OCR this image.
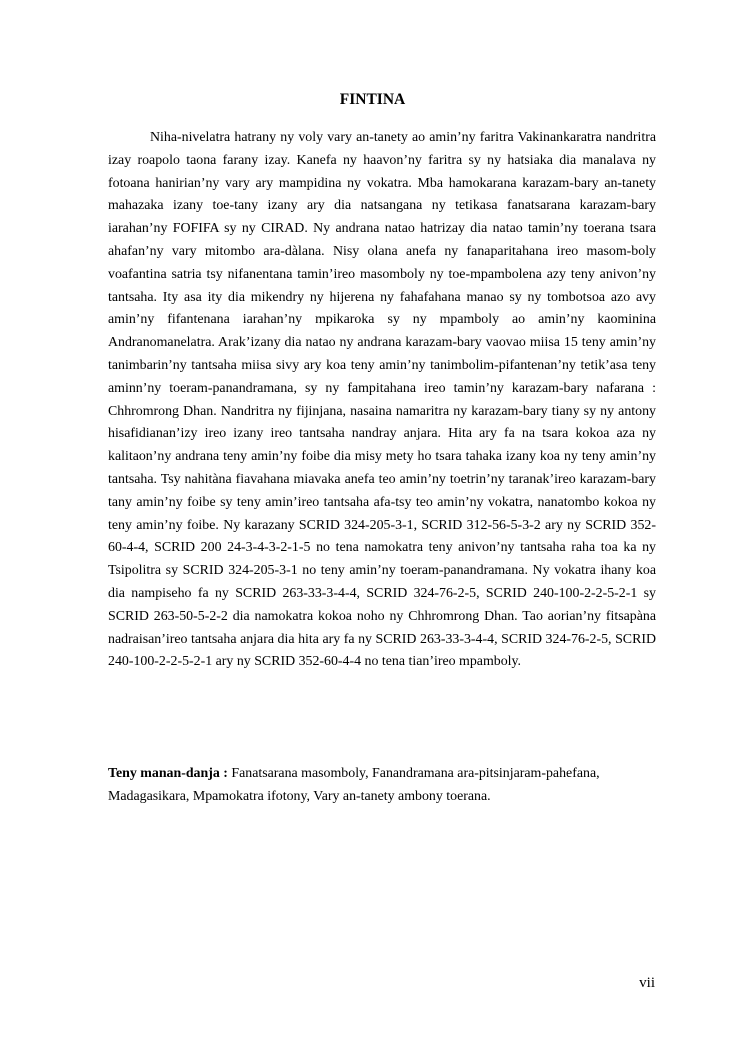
FINTINA

Niha-nivelatra hatrany ny voly vary an-tanety ao amin’ny faritra Vakinankaratra nandritra izay roapolo taona farany izay. Kanefa ny haavon’ny faritra sy ny hatsiaka dia manalava ny fotoana hanirian’ny vary ary mampidina ny vokatra. Mba hamokarana karazam-bary an-tanety mahazaka izany toe-tany izany ary dia natsangana ny tetikasa fanatsarana karazam-bary iarahan’ny FOFIFA sy ny CIRAD. Ny andrana natao hatrizay dia natao tamin’ny toerana tsara ahafan’ny vary mitombo ara-dàlana. Nisy olana anefa ny fanaparitahana ireo masom-boly voafantina satria tsy nifanentana tamin’ireo masomboly ny toe-mpambolena azy teny anivon’ny tantsaha. Ity asa ity dia mikendry ny hijerena ny fahafahana manao sy ny tombotsoa azo avy amin’ny fifantenana iarahan’ny mpikaroka sy ny mpamboly ao amin’ny kaominina Andranomanelatra. Arak’izany dia natao ny andrana karazam-bary vaovao miisa 15 teny amin’ny tanimbarin’ny tantsaha miisa sivy ary koa teny amin’ny tanimbolim-pifantenan’ny tetik’asa teny aminn’ny toeram-panandramana, sy ny fampitahana ireo tamin’ny karazam-bary nafarana : Chhromrong Dhan. Nandritra ny fijinjana, nasaina namaritra ny karazam-bary tiany sy ny antony hisafidianan’izy ireo izany ireo tantsaha nandray anjara. Hita ary fa na tsara kokoa aza ny kalitaon’ny andrana teny amin’ny foibe dia misy mety ho tsara tahaka izany koa ny teny amin’ny tantsaha. Tsy nahitàna fiavahana miavaka anefa teo amin’ny toetrin’ny taranak’ireo karazam-bary tany amin’ny foibe sy teny amin’ireo tantsaha afa-tsy teo amin’ny vokatra, nanatombo kokoa ny teny amin’ny foibe. Ny karazany SCRID 324-205-3-1, SCRID 312-56-5-3-2 ary ny SCRID 352-60-4-4, SCRID 200 24-3-4-3-2-1-5 no tena namokatra teny anivon’ny tantsaha raha toa ka ny Tsipolitra sy SCRID 324-205-3-1 no teny amin’ny toeram-panandramana. Ny vokatra ihany koa dia nampiseho fa ny SCRID 263-33-3-4-4, SCRID 324-76-2-5, SCRID 240-100-2-2-5-2-1 sy SCRID 263-50-5-2-2 dia namokatra kokoa noho ny Chhromrong Dhan. Tao aorian’ny fitsapàna nadraisan’ireo tantsaha anjara dia hita ary fa ny SCRID 263-33-3-4-4, SCRID 324-76-2-5, SCRID 240-100-2-2-5-2-1 ary ny SCRID 352-60-4-4 no tena tian’ireo mpamboly.

Teny manan-danja : Fanatsarana masomboly, Fanandramana ara-pitsinjaram-pahefana, Madagasikara, Mpamokatra ifotony, Vary an-tanety ambony toerana.

vii
